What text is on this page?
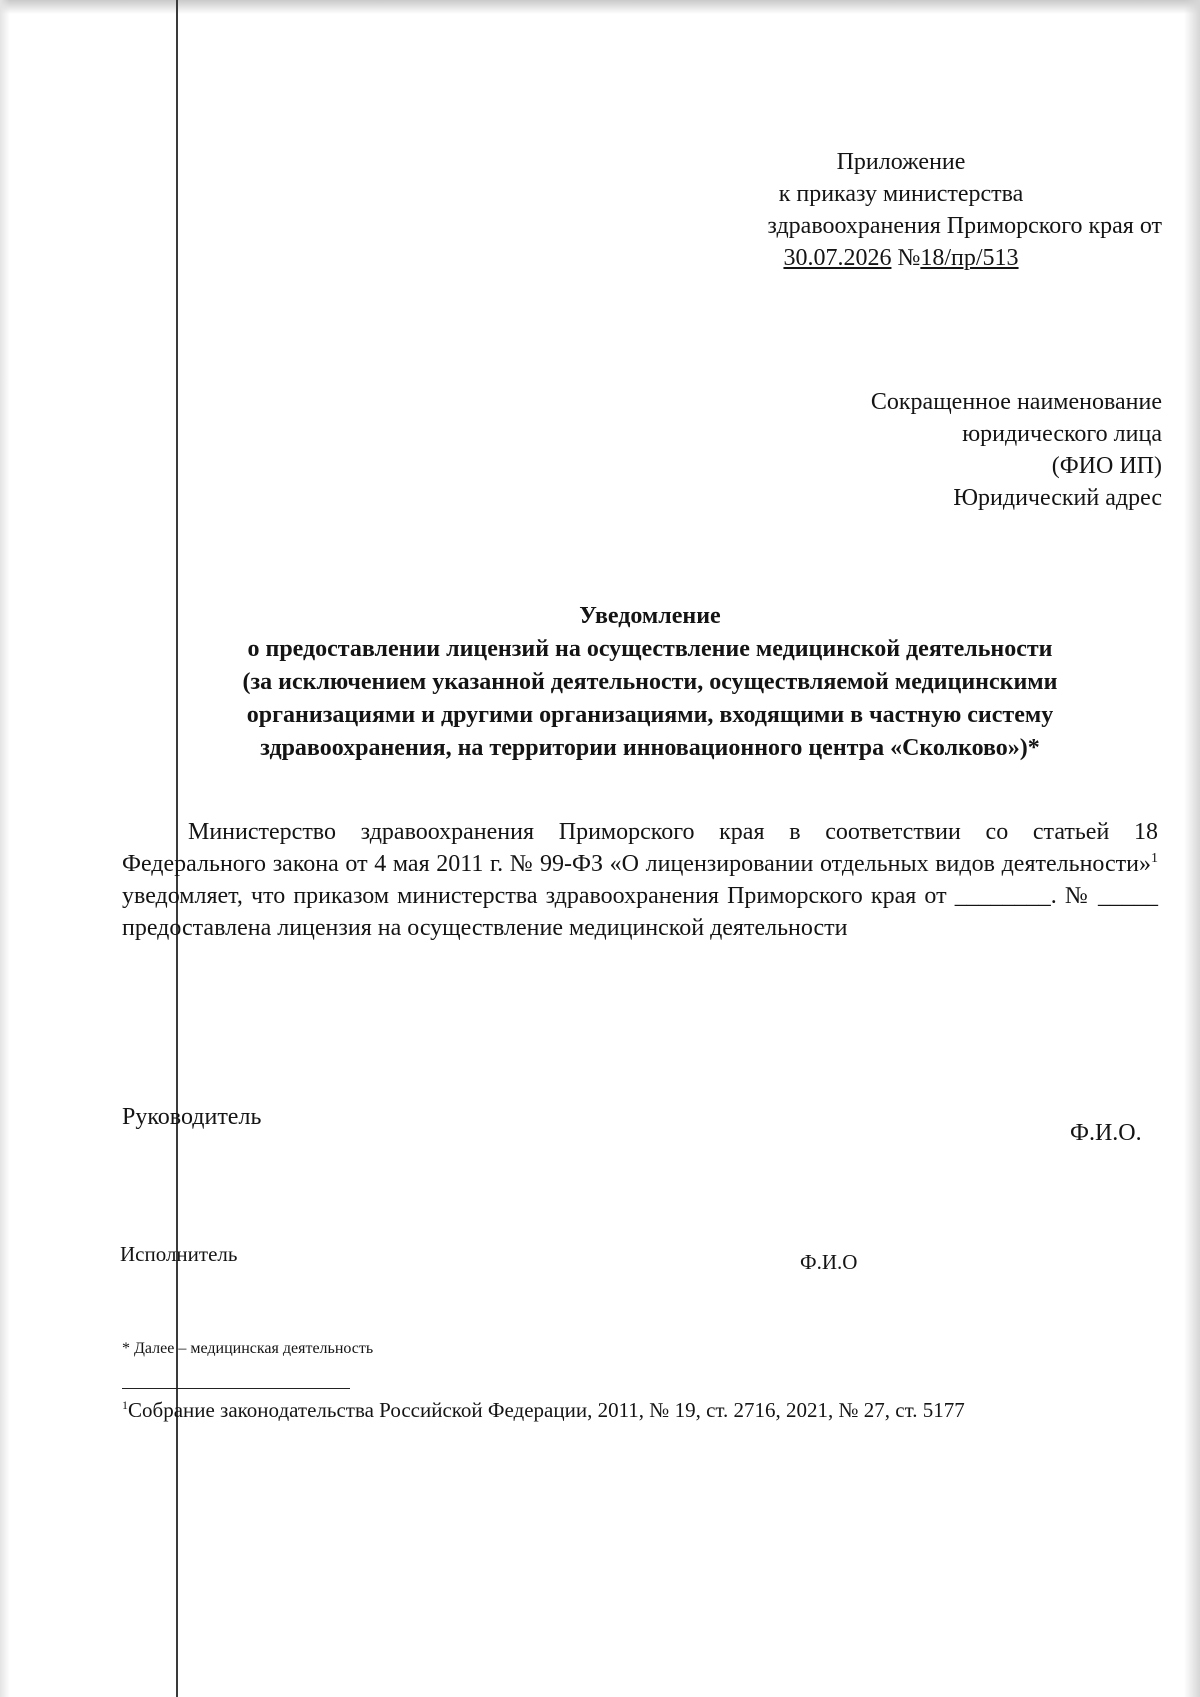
Приложение
к приказу министерства
здравоохранения Приморского края от
30.07.2026 №18/пр/513
Сокращенное наименование
юридического лица
(ФИО ИП)
Юридический адрес
Уведомление
о предоставлении лицензий на осуществление медицинской деятельности
(за исключением указанной деятельности, осуществляемой медицинскими
организациями и другими организациями, входящими в частную систему
здравоохранения, на территории инновационного центра «Сколково»)*
Министерство здравоохранения Приморского края в соответствии со статьей 18 Федерального закона от 4 мая 2011 г. № 99-ФЗ «О лицензировании отдельных видов деятельности»$^1$ уведомляет, что приказом министерства здравоохранения Приморского края от ________. № _____ предоставлена лицензия на осуществление медицинской деятельности
Руководитель
Ф.И.О.
Исполнитель	Ф.И.О
* Далее – медицинская деятельность
$^1$Собрание законодательства Российской Федерации, 2011, № 19, ст. 2716, 2021, № 27, ст. 5177
